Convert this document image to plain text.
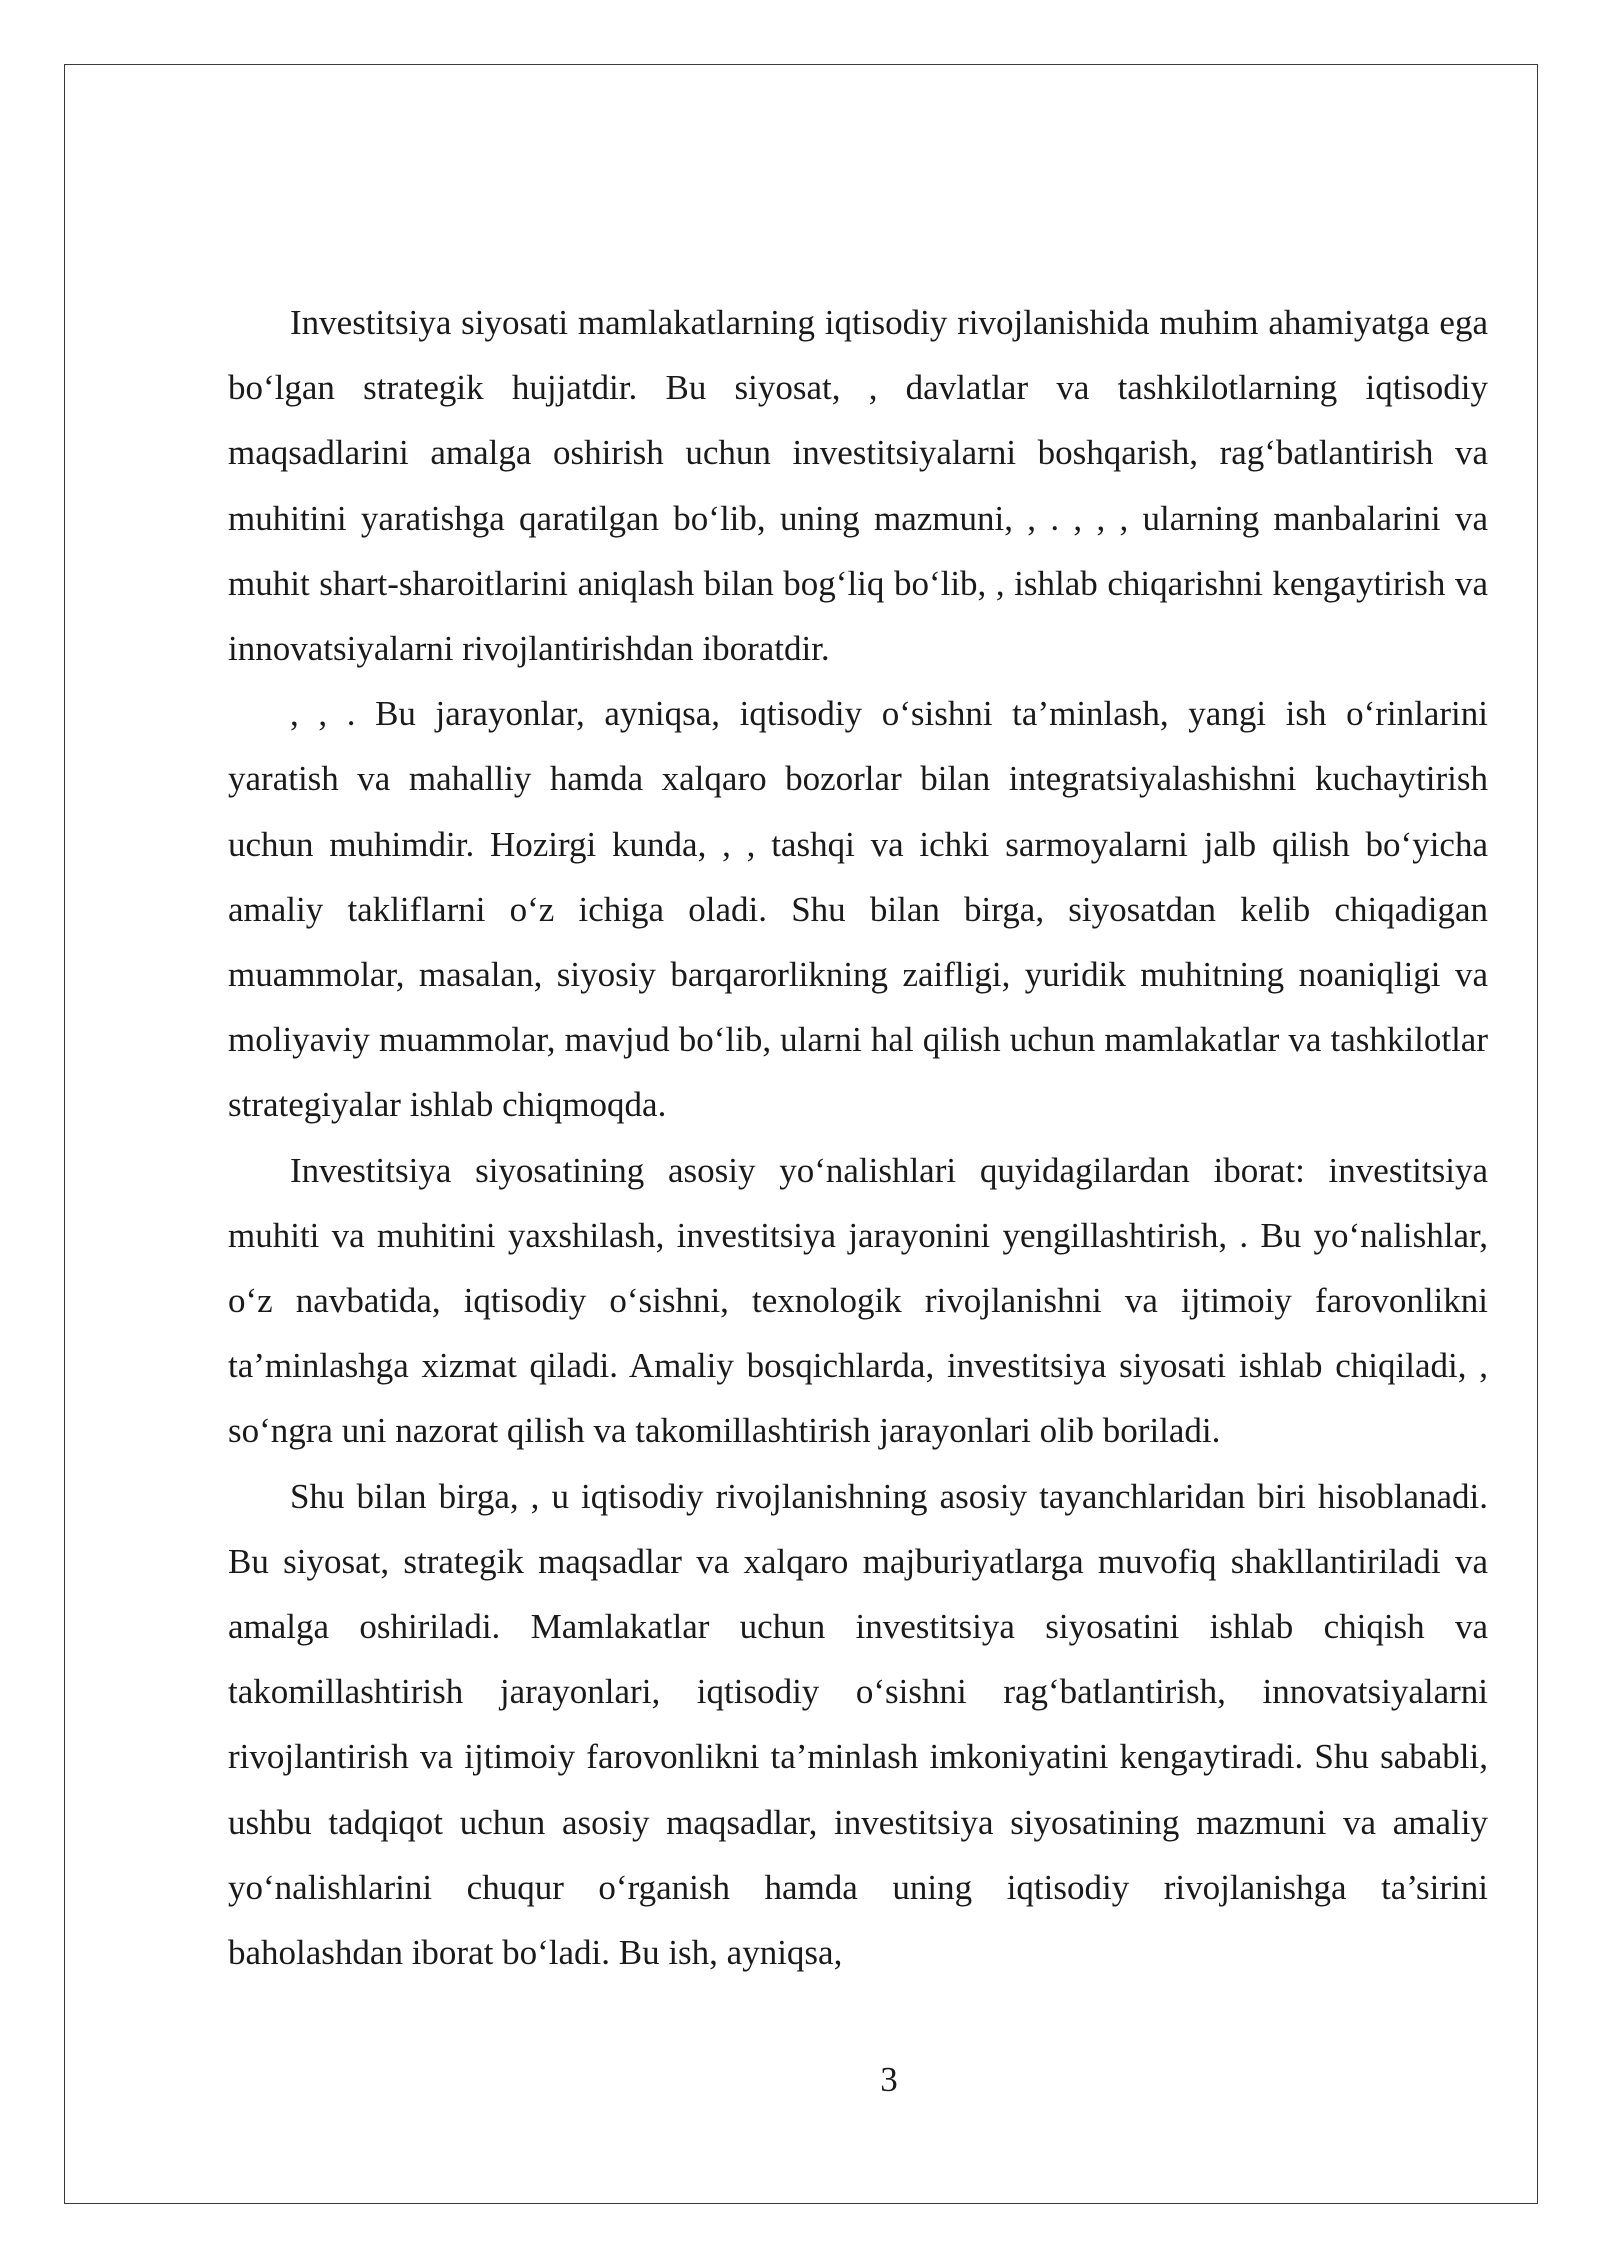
Investitsiya siyosati mamlakatlarning iqtisodiy rivojlanishida muhim ahamiyatga ega bo‘lgan strategik hujjatdir. Bu siyosat, , davlatlar va tashkilotlarning iqtisodiy maqsadlarini amalga oshirish uchun investitsiyalarni boshqarish, rag‘batlantirish va muhitini yaratishga qaratilgan bo‘lib, uning mazmuni, , . , , , ularning manbalarini va muhit shart-sharoitlarini aniqlash bilan bog‘liq bo‘lib, , ishlab chiqarishni kengaytirish va innovatsiyalarni rivojlantirishdan iboratdir.

, , . Bu jarayonlar, ayniqsa, iqtisodiy o‘sishni ta’minlash, yangi ish o‘rinlarini yaratish va mahalliy hamda xalqaro bozorlar bilan integratsiyalashishni kuchaytirish uchun muhimdir. Hozirgi kunda, , , tashqi va ichki sarmoyalarni jalb qilish bo‘yicha amaliy takliflarni o‘z ichiga oladi. Shu bilan birga, siyosatdan kelib chiqadigan muammolar, masalan, siyosiy barqarorlikning zaifligi, yuridik muhitning noaniqligi va moliyaviy muammolar, mavjud bo‘lib, ularni hal qilish uchun mamlakatlar va tashkilotlar strategiyalar ishlab chiqmoqda.

Investitsiya siyosatining asosiy yo‘nalishlari quyidagilardan iborat: investitsiya muhiti va muhitini yaxshilash, investitsiya jarayonini yengillashtirish, . Bu yo‘nalishlar, o‘z navbatida, iqtisodiy o‘sishni, texnologik rivojlanishni va ijtimoiy farovonlikni ta’minlashga xizmat qiladi. Amaliy bosqichlarda, investitsiya siyosati ishlab chiqiladi, , so‘ngra uni nazorat qilish va takomillashtirish jarayonlari olib boriladi.

Shu bilan birga, , u iqtisodiy rivojlanishning asosiy tayanchlaridan biri hisoblanadi. Bu siyosat, strategik maqsadlar va xalqaro majburiyatlarga muvofiq shakllantiriladi va amalga oshiriladi. Mamlakatlar uchun investitsiya siyosatini ishlab chiqish va takomillashtirish jarayonlari, iqtisodiy o‘sishni rag‘batlantirish, innovatsiyalarni rivojlantirish va ijtimoiy farovonlikni ta’minlash imkoniyatini kengaytiradi. Shu sababli, ushbu tadqiqot uchun asosiy maqsadlar, investitsiya siyosatining mazmuni va amaliy yo‘nalishlarini chuqur o‘rganish hamda uning iqtisodiy rivojlanishga ta’sirini baholashdan iborat bo‘ladi. Bu ish, ayniqsa,

3
